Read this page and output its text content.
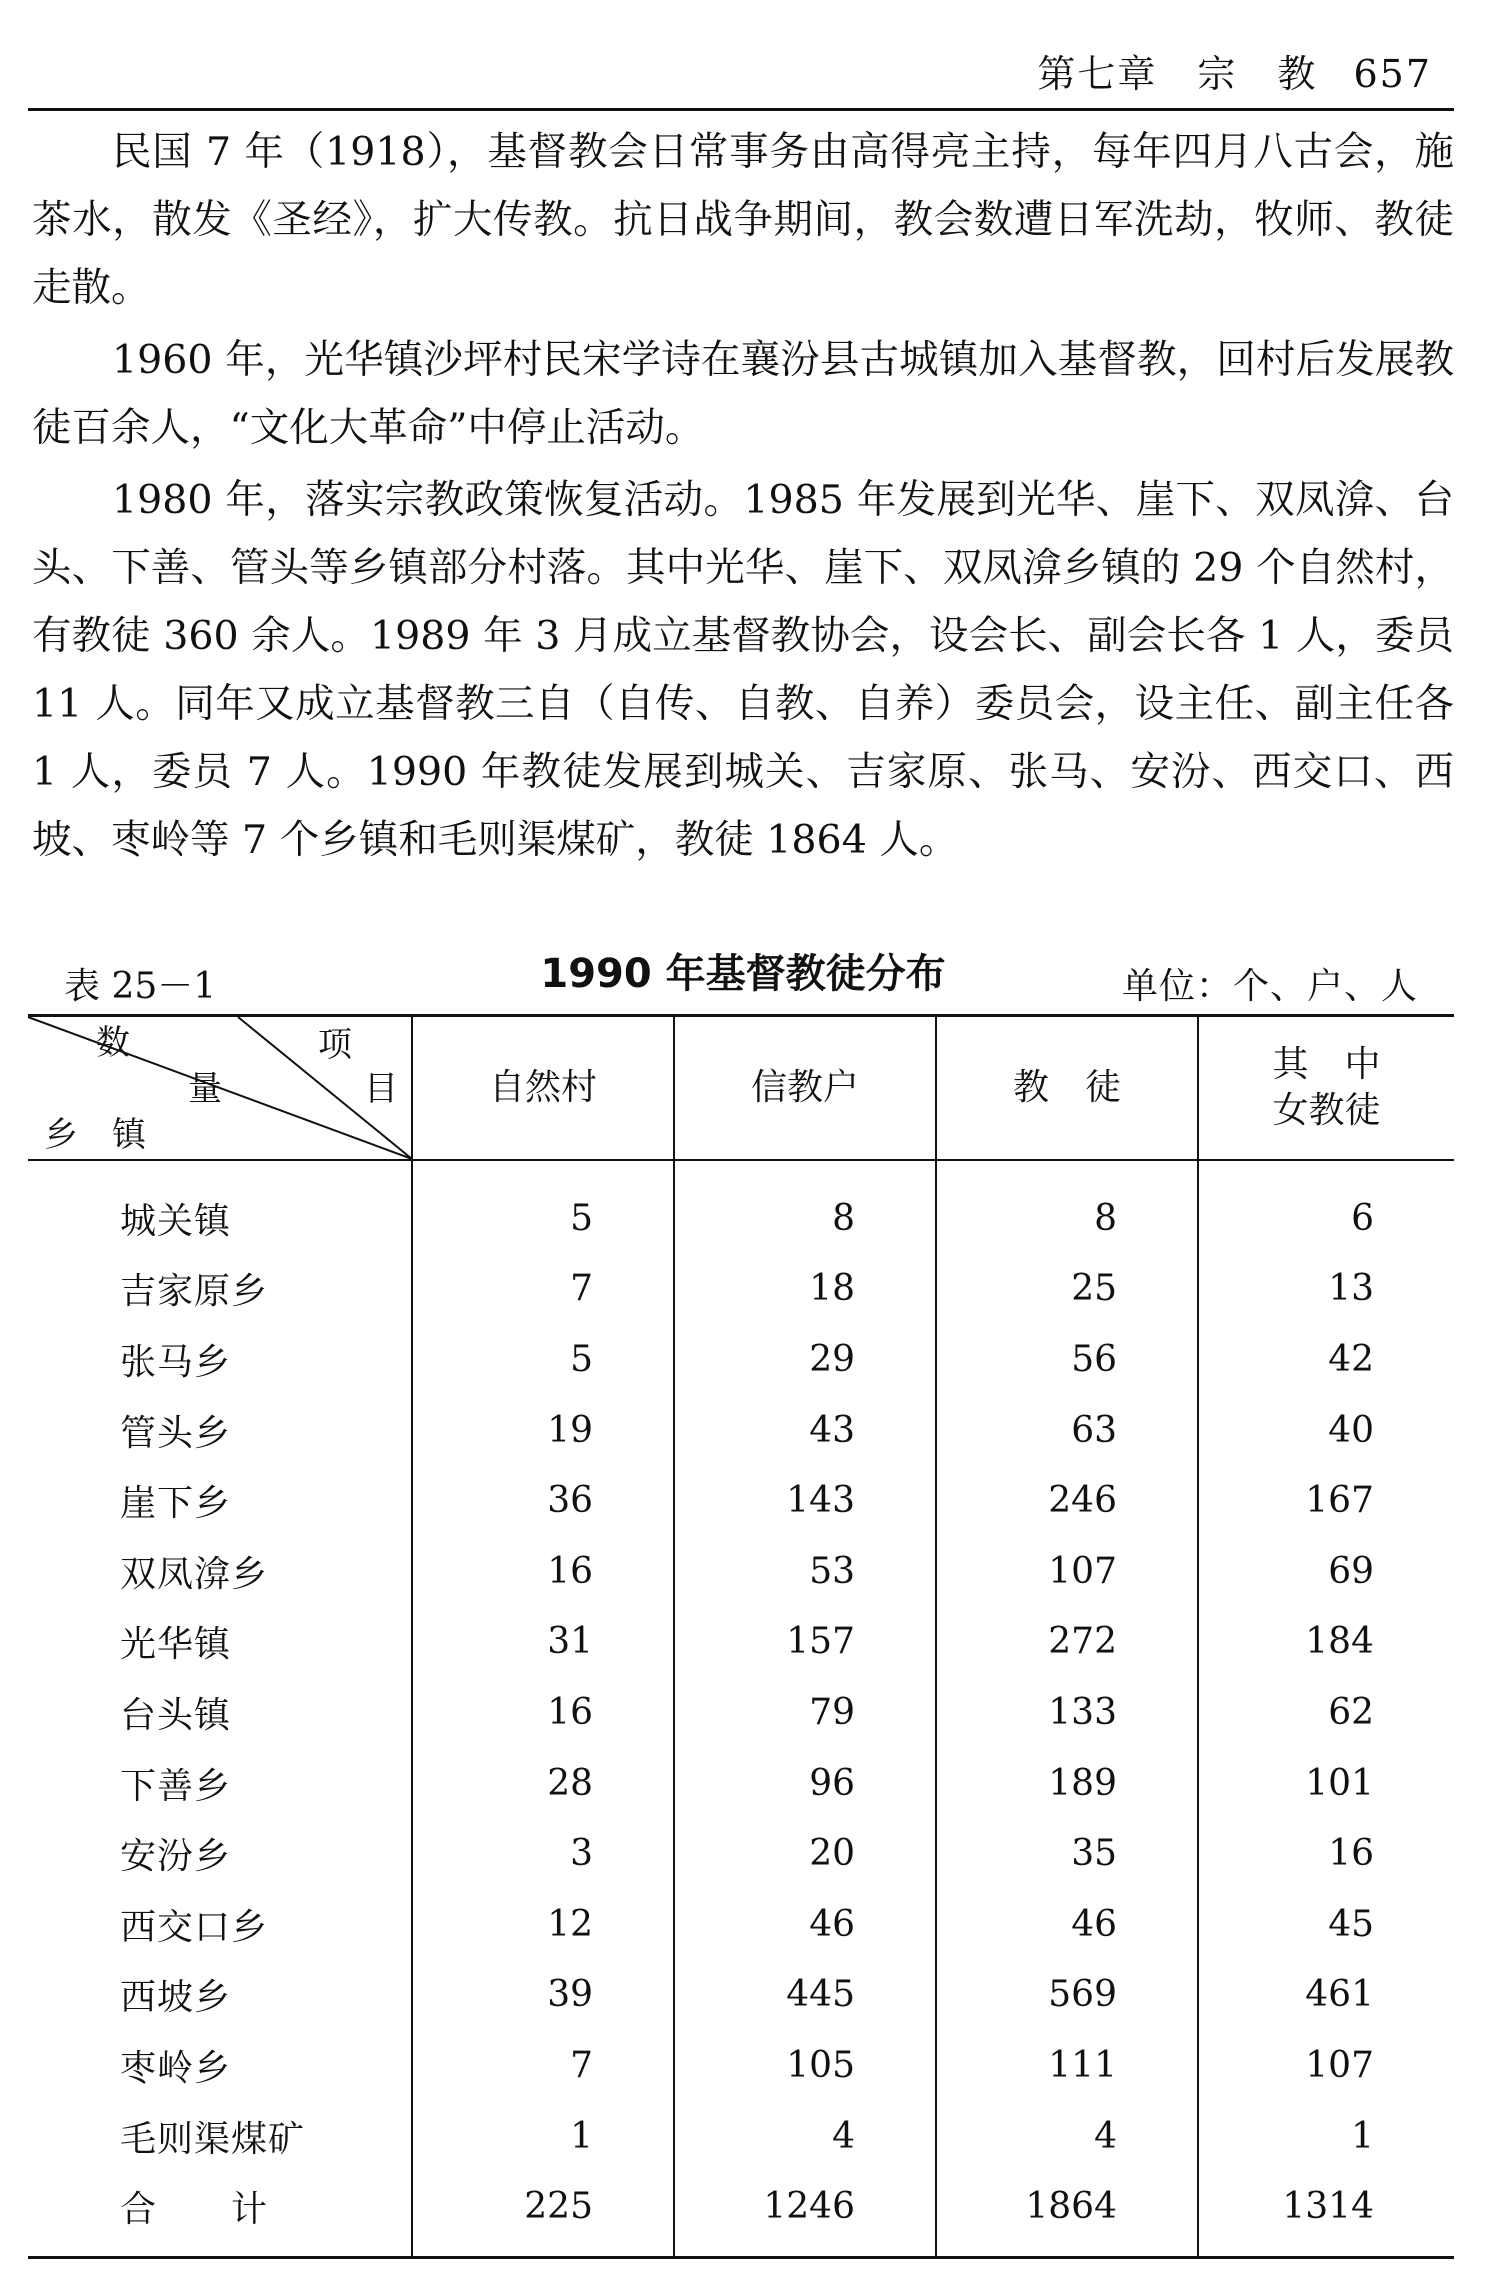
第七章　宗　教 657

民国 7 年（1918），基督教会日常事务由高得亮主持，每年四月八古会，施茶水，散发《圣经》，扩大传教。抗日战争期间，教会数遭日军洗劫，牧师、教徒走散。

1960 年，光华镇沙坪村民宋学诗在襄汾县古城镇加入基督教，回村后发展教徒百余人，“文化大革命”中停止活动。

1980 年，落实宗教政策恢复活动。1985 年发展到光华、崖下、双凤渰、台头、下善、管头等乡镇部分村落。其中光华、崖下、双凤渰乡镇的 29 个自然村，有教徒 360 余人。1989 年 3 月成立基督教协会，设会长、副会长各 1 人，委员 11 人。同年又成立基督教三自（自传、自教、自养）委员会，设主任、副主任各 1 人，委员 7 人。1990 年教徒发展到城关、吉家原、张马、安汾、西交口、西坡、枣岭等 7 个乡镇和毛则渠煤矿，教徒 1864 人。

表 25－1	1990 年基督教徒分布	单位：个、户、人
数 项
量 目
乡　镇	自然村	信教户	教　徒	其　中
女教徒
城关镇	5	8	8	6
吉家原乡	7	18	25	13
张马乡	5	29	56	42
管头乡	19	43	63	40
崖下乡	36	143	246	167
双凤渰乡	16	53	107	69
光华镇	31	157	272	184
台头镇	16	79	133	62
下善乡	28	96	189	101
安汾乡	3	20	35	16
西交口乡	12	46	46	45
西坡乡	39	445	569	461
枣岭乡	7	105	111	107
毛则渠煤矿	1	4	4	1
合　　计	225	1246	1864	1314
